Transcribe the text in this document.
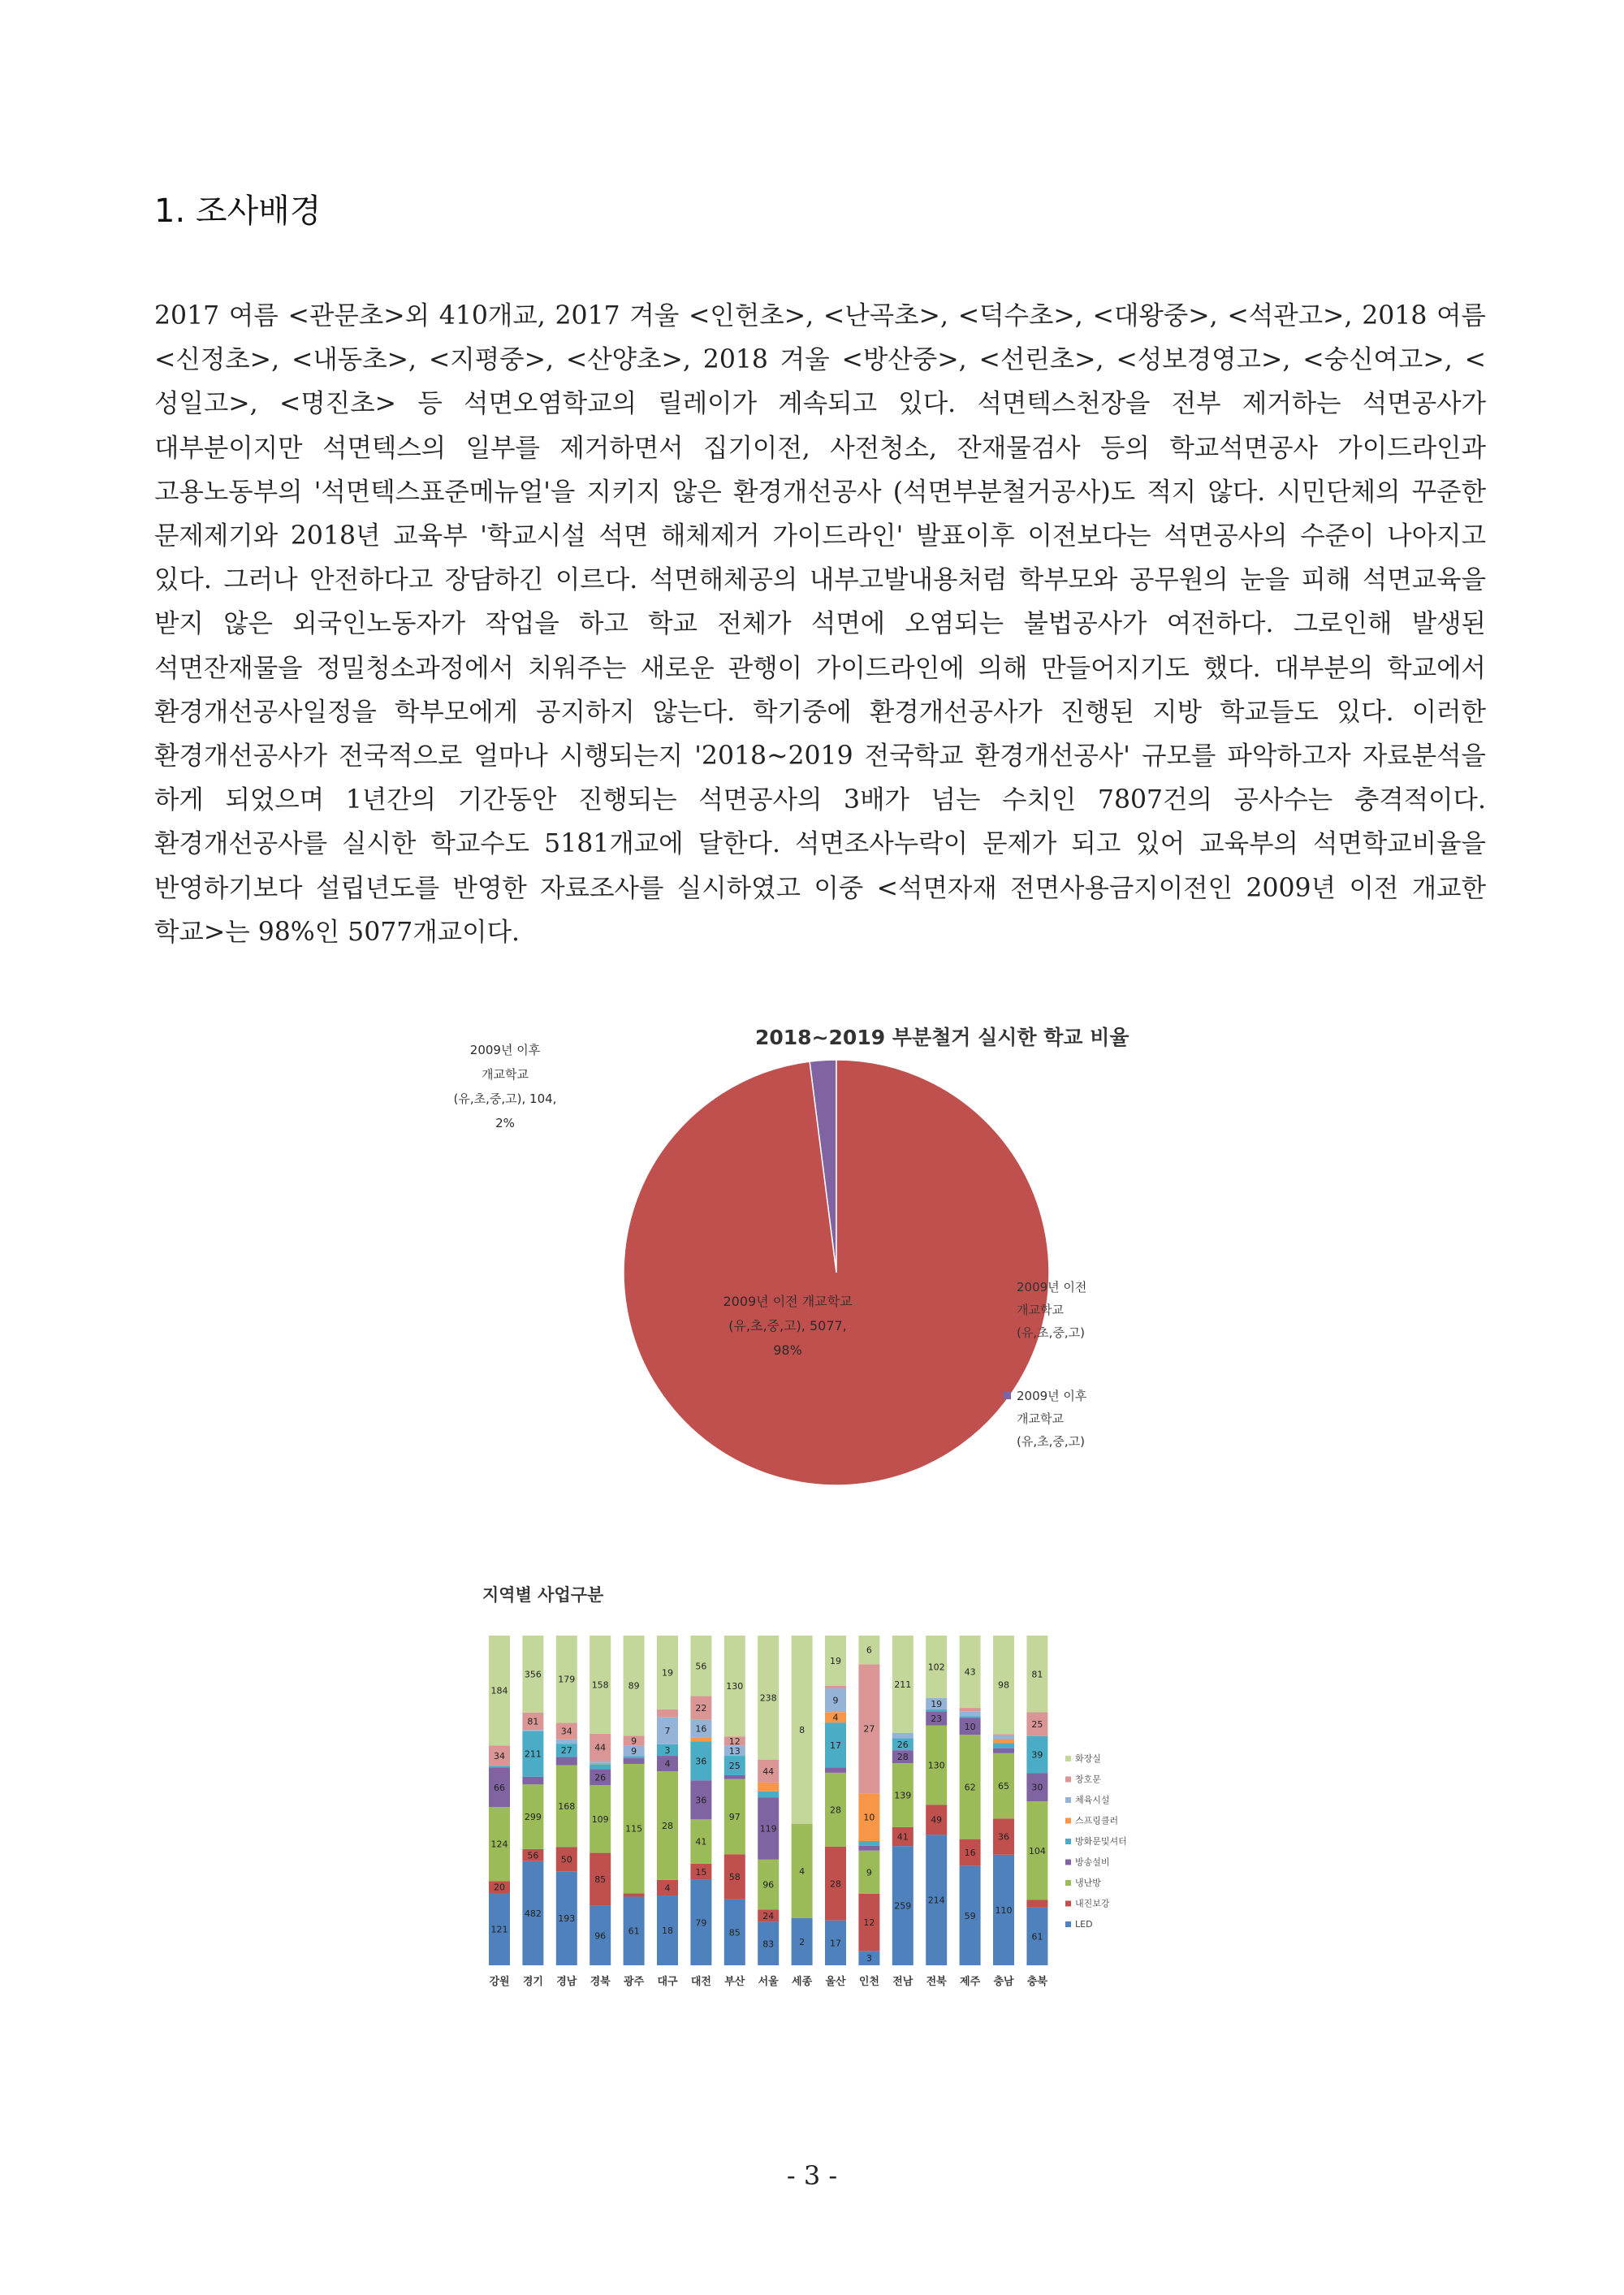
1. 조사배경

2017 여름 <관문초>외 410개교, 2017 겨울 <인헌초>, <난곡초>, <덕수초>, <대왕중>, <석관고>, 2018 여름 <신정초>, <내동초>, <지평중>, <산양초>, 2018 겨울 <방산중>, <선린초>, <성보경영고>, <숭신여고>, <성일고>, <명진초> 등 석면오염학교의 릴레이가 계속되고 있다. 석면텍스천장을 전부 제거하는 석면공사가 대부분이지만 석면텍스의 일부를 제거하면서 집기이전, 사전청소, 잔재물검사 등의 학교석면공사 가이드라인과 고용노동부의 '석면텍스표준메뉴얼'을 지키지 않은 환경개선공사 (석면부분철거공사)도 적지 않다. 시민단체의 꾸준한 문제제기와 2018년 교육부 '학교시설 석면 해체제거 가이드라인' 발표이후 이전보다는 석면공사의 수준이 나아지고 있다. 그러나 안전하다고 장담하긴 이르다. 석면해체공의 내부고발내용처럼 학부모와 공무원의 눈을 피해 석면교육을 받지 않은 외국인노동자가 작업을 하고 학교 전체가 석면에 오염되는 불법공사가 여전하다. 그로인해 발생된 석면잔재물을 정밀청소과정에서 치워주는 새로운 관행이 가이드라인에 의해 만들어지기도 했다. 대부분의 학교에서 환경개선공사일정을 학부모에게 공지하지 않는다. 학기중에 환경개선공사가 진행된 지방 학교들도 있다. 이러한 환경개선공사가 전국적으로 얼마나 시행되는지 '2018~2019 전국학교 환경개선공사' 규모를 파악하고자 자료분석을 하게 되었으며 1년간의 기간동안 진행되는 석면공사의 3배가 넘는 수치인 7807건의 공사수는 충격적이다. 환경개선공사를 실시한 학교수도 5181개교에 달한다. 석면조사누락이 문제가 되고 있어 교육부의 석면학교비율을 반영하기보다 설립년도를 반영한 자료조사를 실시하였고 이중 <석면자재 전면사용금지이전인 2009년 이전 개교한 학교>는 98%인 5077개교이다.

2018~2019 부분철거 실시한 학교 비율
2009년 이전 개교학교
(유,초,중,고), 5077,
98%
2009년 이후
개교학교
(유,초,중,고), 104,
2%
2009년 이전
개교학교
(유,초,중,고)
2009년 이후
개교학교
(유,초,중,고)
지역별 사업구분
121
20
124
66
34
184
강원
482
56
299
211
81
356
경기
193
50
168
27
34
179
경남
96
85
109
26
44
158
경북
61
115
9
9
89
광주
18
4
28
4
3
7
19
대구
79
15
41
36
36
16
22
56
대전
85
58
97
25
13
12
130
부산
83
24
96
119
44
238
서울
2
4
8
세종
17
28
28
17
4
9
19
울산
3
12
9
10
27
6
인천
259
41
139
28
26
211
전남
214
49
130
23
19
102
전북
59
16
62
10
43
제주
110
36
65
98
충남
61
104
30
39
25
81
충북
화장실
창호문
체육시설
스프링클러
방화문및셔터
방송설비
냉난방
내진보강
LED
- 3 -
